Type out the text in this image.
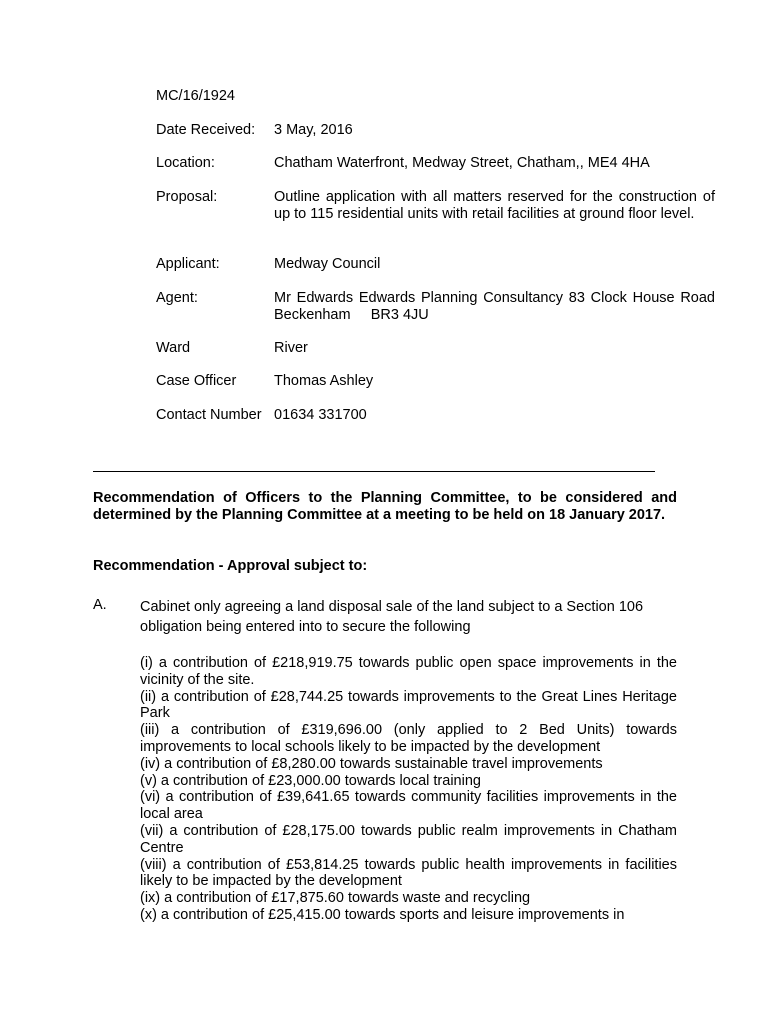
MC/16/1924
Date Received: 3 May, 2016
Location:	Chatham Waterfront, Medway Street, Chatham,, ME4 4HA
Proposal:	Outline application with all matters reserved for the construction of up to 115 residential units with retail facilities at ground floor level.
Applicant:	Medway Council
Agent:	Mr Edwards Edwards Planning Consultancy 83 Clock House Road Beckenham     BR3 4JU
Ward	River
Case Officer	Thomas Ashley
Contact Number 01634 331700
Recommendation of Officers to the Planning Committee, to be considered and determined by the Planning Committee at a meeting to be held on 18 January 2017.
Recommendation - Approval subject to:
A. Cabinet only agreeing a land disposal sale of the land subject to a Section 106 obligation being entered into to secure the following
(i) a contribution of £218,919.75 towards public open space improvements in the vicinity of the site.
(ii) a contribution of £28,744.25 towards improvements to the Great Lines Heritage Park
(iii) a contribution of £319,696.00 (only applied to 2 Bed Units) towards improvements to local schools likely to be impacted by the development
(iv) a contribution of £8,280.00 towards sustainable travel improvements
(v) a contribution of £23,000.00 towards local training
(vi) a contribution of £39,641.65 towards community facilities improvements in the local area
(vii) a contribution of £28,175.00 towards public realm improvements in Chatham Centre
(viii) a contribution of £53,814.25 towards public health improvements in facilities likely to be impacted by the development
(ix) a contribution of £17,875.60 towards waste and recycling
(x) a contribution of £25,415.00 towards sports and leisure improvements in
